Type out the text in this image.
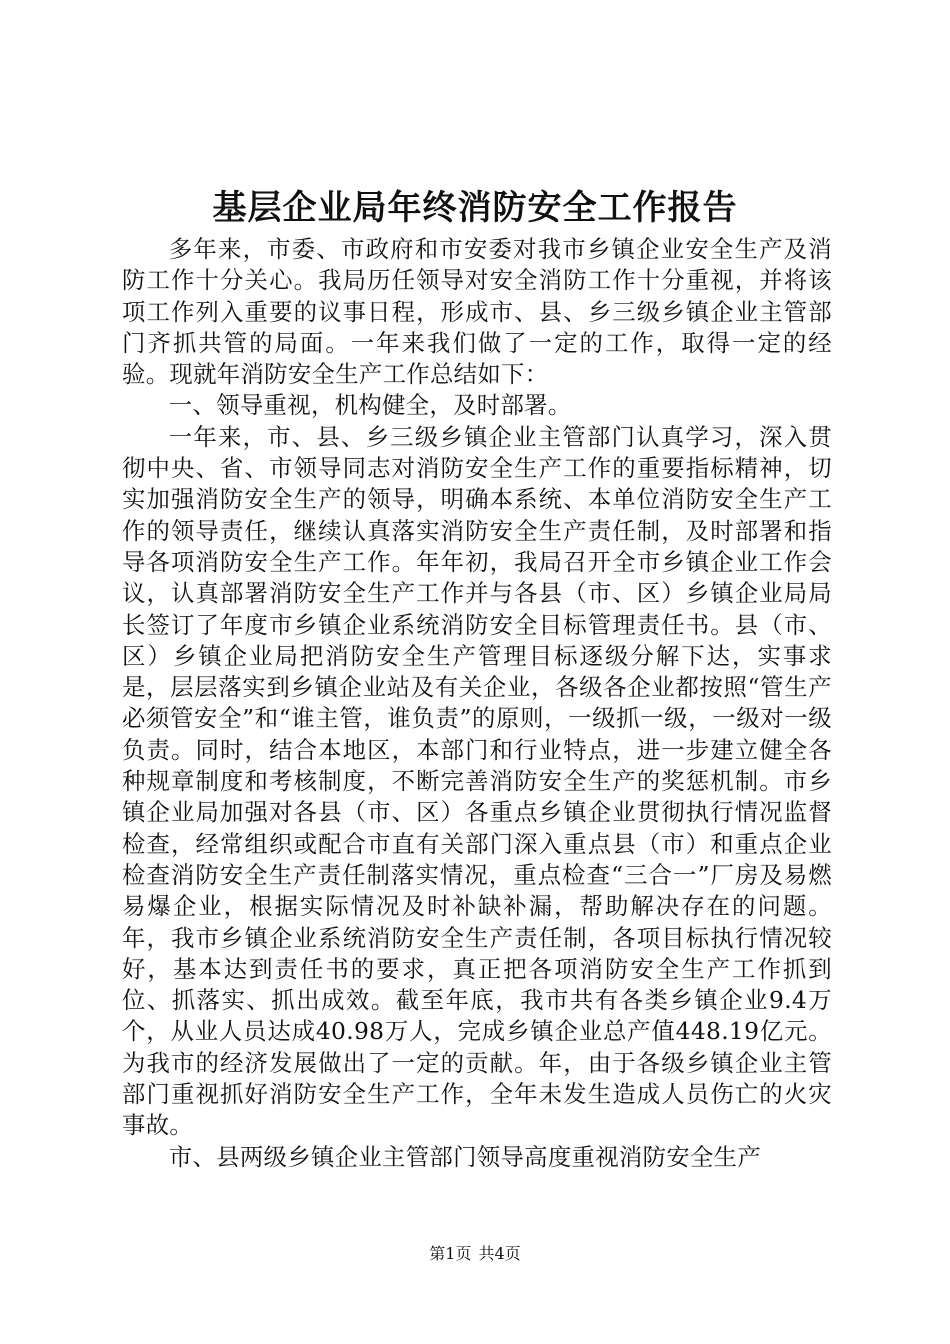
基层企业局年终消防安全工作报告

多年来，市委、市政府和市安委对我市乡镇企业安全生产及消防工作十分关心。我局历任领导对安全消防工作十分重视，并将该项工作列入重要的议事日程，形成市、县、乡三级乡镇企业主管部门齐抓共管的局面。一年来我们做了一定的工作，取得一定的经验。现就年消防安全生产工作总结如下：

一、领导重视，机构健全，及时部署。

一年来，市、县、乡三级乡镇企业主管部门认真学习，深入贯彻中央、省、市领导同志对消防安全生产工作的重要指标精神，切实加强消防安全生产的领导，明确本系统、本单位消防安全生产工作的领导责任，继续认真落实消防安全生产责任制，及时部署和指导各项消防安全生产工作。年年初，我局召开全市乡镇企业工作会议，认真部署消防安全生产工作并与各县（市、区）乡镇企业局局长签订了年度市乡镇企业系统消防安全目标管理责任书。县（市、区）乡镇企业局把消防安全生产管理目标逐级分解下达，实事求是，层层落实到乡镇企业站及有关企业，各级各企业都按照“管生产必须管安全”和“谁主管，谁负责”的原则，一级抓一级，一级对一级负责。同时，结合本地区，本部门和行业特点，进一步建立健全各种规章制度和考核制度，不断完善消防安全生产的奖惩机制。市乡镇企业局加强对各县（市、区）各重点乡镇企业贯彻执行情况监督检查，经常组织或配合市直有关部门深入重点县（市）和重点企业检查消防安全生产责任制落实情况，重点检查“三合一”厂房及易燃易爆企业，根据实际情况及时补缺补漏，帮助解决存在的问题。年，我市乡镇企业系统消防安全生产责任制，各项目标执行情况较好，基本达到责任书的要求，真正把各项消防安全生产工作抓到位、抓落实、抓出成效。截至年底，我市共有各类乡镇企业9.4万个，从业人员达成40.98万人，完成乡镇企业总产值448.19亿元。为我市的经济发展做出了一定的贡献。年，由于各级乡镇企业主管部门重视抓好消防安全生产工作，全年未发生造成人员伤亡的火灾事故。

市、县两级乡镇企业主管部门领导高度重视消防安全生产

第1页 共4页
